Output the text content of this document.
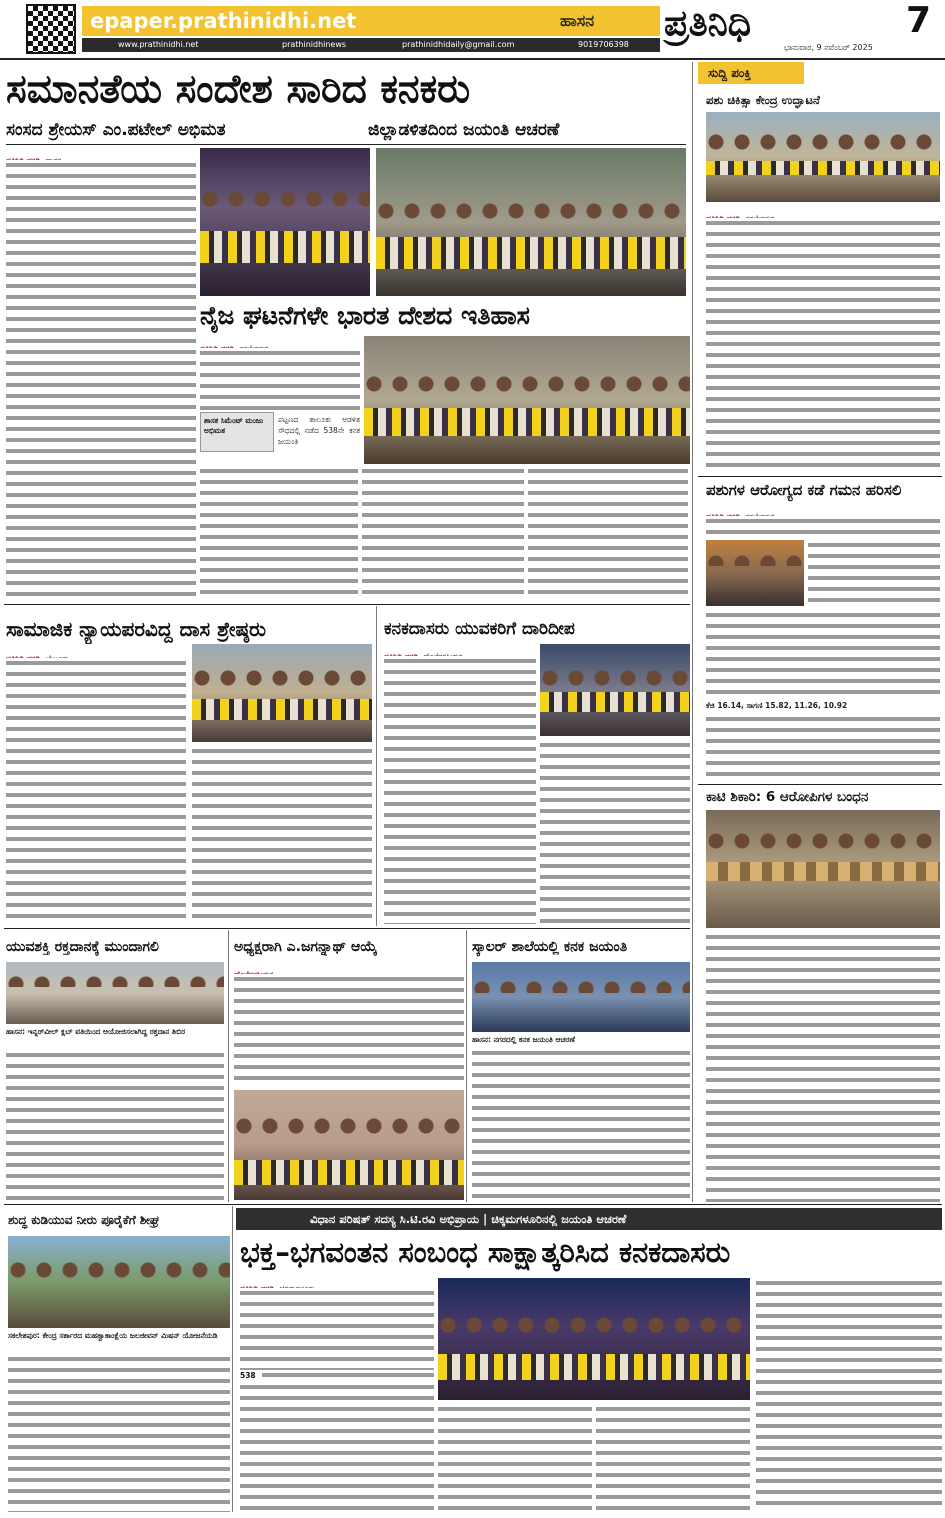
epaper.prathinidhi.net	ಹಾಸನ
www.prathinidhi.net	prathinidhinews	prathinidhidaily@gmail.com	9019706398
ಪ್ರತಿನಿಧಿ	7
ಭಾನುವಾರ, 9 ನವೆಂಬರ್ 2025
ಸಮಾನತೆಯ ಸಂದೇಶ ಸಾರಿದ ಕನಕರು
ಸಂಸದ ಶ್ರೇಯಸ್ ಎಂ.ಪಟೇಲ್ ಅಭಿಮತ	ಜಿಲ್ಲಾಡಳಿತದಿಂದ ಜಯಂತಿ ಆಚರಣೆ
ನೈಜ ಘಟನೆಗಳೇ ಭಾರತ ದೇಶದ ಇತಿಹಾಸ
ಶಾಸಕ ಸಿಮೆಂಟ್ ಮಂಜು ಅಭಿಮತ
ಪಟ್ಟಣದ ತಾಲೂಕು ಆಡಳಿತ ಸೌಧದಲ್ಲಿ ನಡೆದ 538ನೇ ಕನಕ ಜಯಂತಿ
ಸುದ್ದಿ ಪಂಕ್ತಿ
ಪಶು ಚಿಕಿತ್ಸಾ ಕೇಂದ್ರ ಉದ್ಘಾಟನೆ
ಪಶುಗಳ ಆರೋಗ್ಯದ ಕಡೆ ಗಮನ ಹರಿಸಲಿ
ಕೆಜಿ 16.14, ಸಾಗಣಿ 15.82, 11.26, 10.92
ಕಾಟಿ ಶಿಕಾರಿ: 6 ಆರೋಪಿಗಳ ಬಂಧನ
ಸಾಮಾಜಿಕ ನ್ಯಾಯಪರವಿದ್ದ ದಾಸ ಶ್ರೇಷ್ಠರು	ಕನಕದಾಸರು ಯುವಕರಿಗೆ ದಾರಿದೀಪ
ಯುವಶಕ್ತಿ ರಕ್ತದಾನಕ್ಕೆ ಮುಂದಾಗಲಿ
ಹಾಸನ: ಇನ್ನರ್‌ವೀಲ್ ಕ್ಲಬ್ ವತಿಯಿಂದ ಆಯೋಜಿಸಲಾಗಿದ್ದ ರಕ್ತದಾನ ಶಿಬಿರ
ಅಧ್ಯಕ್ಷರಾಗಿ ಎ.ಜಗನ್ನಾಥ್ ಆಯ್ಕೆ	ಸ್ಕಾಲರ್ ಶಾಲೆಯಲ್ಲಿ ಕನಕ ಜಯಂತಿ
ಹಾಸನ: ನಗರದಲ್ಲಿ ಕನಕ ಜಯಂತಿ ಆಚರಣೆ
ಶುದ್ಧ ಕುಡಿಯುವ ನೀರು ಪೂರೈಕೆಗೆ ಶೀಘ್ರ
ಸಕಲೇಶಪುರ: ಕೇಂದ್ರ ಸರ್ಕಾರದ ಮಹತ್ವಾಕಾಂಕ್ಷೆಯ ಜಲಜೀವನ್ ಮಿಷನ್ ಯೋಜನೆಯಡಿ
ವಿಧಾನ ಪರಿಷತ್ ಸದಸ್ಯ ಸಿ.ಟಿ.ರವಿ ಅಭಿಪ್ರಾಯ | ಚಿಕ್ಕಮಗಳೂರಿನಲ್ಲಿ ಜಯಂತಿ ಆಚರಣೆ
ಭಕ್ತ–ಭಗವಂತನ ಸಂಬಂಧ ಸಾಕ್ಷಾತ್ಕರಿಸಿದ ಕನಕದಾಸರು
538
